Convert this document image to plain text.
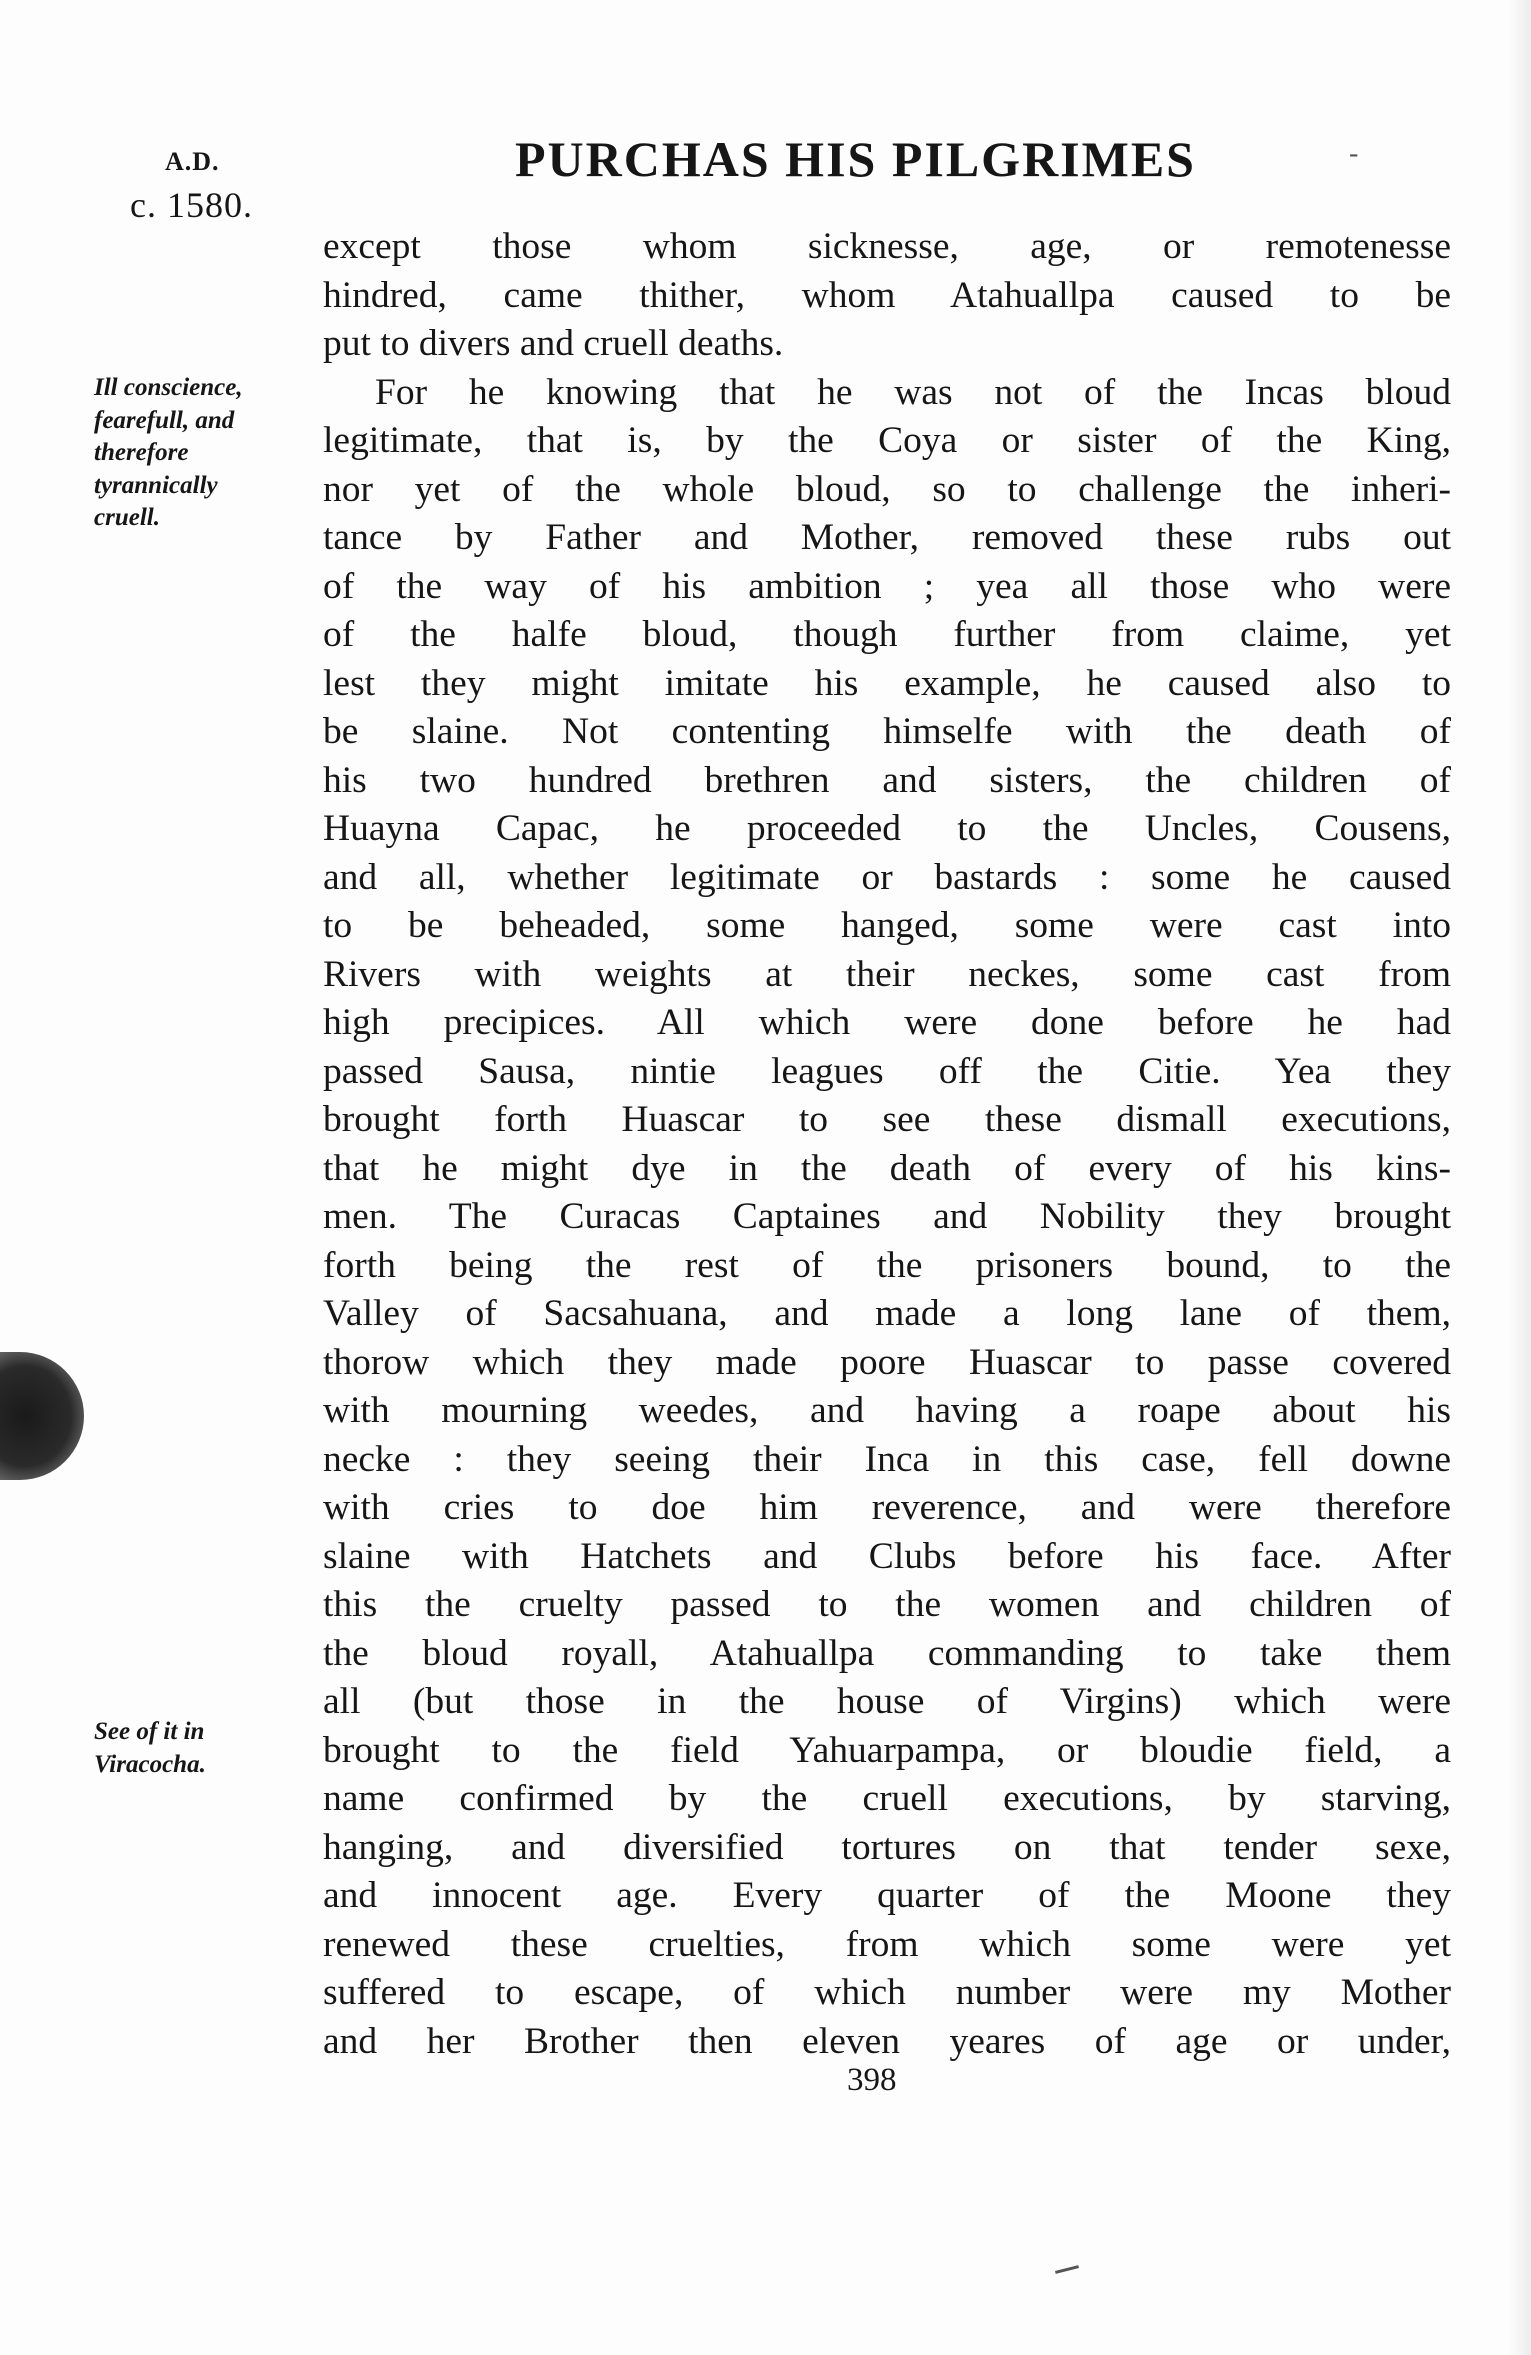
A.D.
c. 1580.
PURCHAS HIS PILGRIMES	-
Ill conscience,
fearefull, and
therefore
tyrannically
cruell.
See of it in
Viracocha.
except those whom sicknesse, age, or remotenesse
hindred, came thither, whom Atahuallpa caused to be
put to divers and cruell deaths.
For he knowing that he was not of the Incas bloud
legitimate, that is, by the Coya or sister of the King,
nor yet of the whole bloud, so to challenge the inheri-
tance by Father and Mother, removed these rubs out
of the way of his ambition ; yea all those who were
of the halfe bloud, though further from claime, yet
lest they might imitate his example, he caused also to
be slaine. Not contenting himselfe with the death of
his two hundred brethren and sisters, the children of
Huayna Capac, he proceeded to the Uncles, Cousens,
and all, whether legitimate or bastards : some he caused
to be beheaded, some hanged, some were cast into
Rivers with weights at their neckes, some cast from
high precipices. All which were done before he had
passed Sausa, nintie leagues off the Citie. Yea they
brought forth Huascar to see these dismall executions,
that he might dye in the death of every of his kins-
men. The Curacas Captaines and Nobility they brought
forth being the rest of the prisoners bound, to the
Valley of Sacsahuana, and made a long lane of them,
thorow which they made poore Huascar to passe covered
with mourning weedes, and having a roape about his
necke : they seeing their Inca in this case, fell downe
with cries to doe him reverence, and were therefore
slaine with Hatchets and Clubs before his face. After
this the cruelty passed to the women and children of
the bloud royall, Atahuallpa commanding to take them
all (but those in the house of Virgins) which were
brought to the field Yahuarpampa, or bloudie field, a
name confirmed by the cruell executions, by starving,
hanging, and diversified tortures on that tender sexe,
and innocent age. Every quarter of the Moone they
renewed these cruelties, from which some were yet
suffered to escape, of which number were my Mother
and her Brother then eleven yeares of age or under,
398
